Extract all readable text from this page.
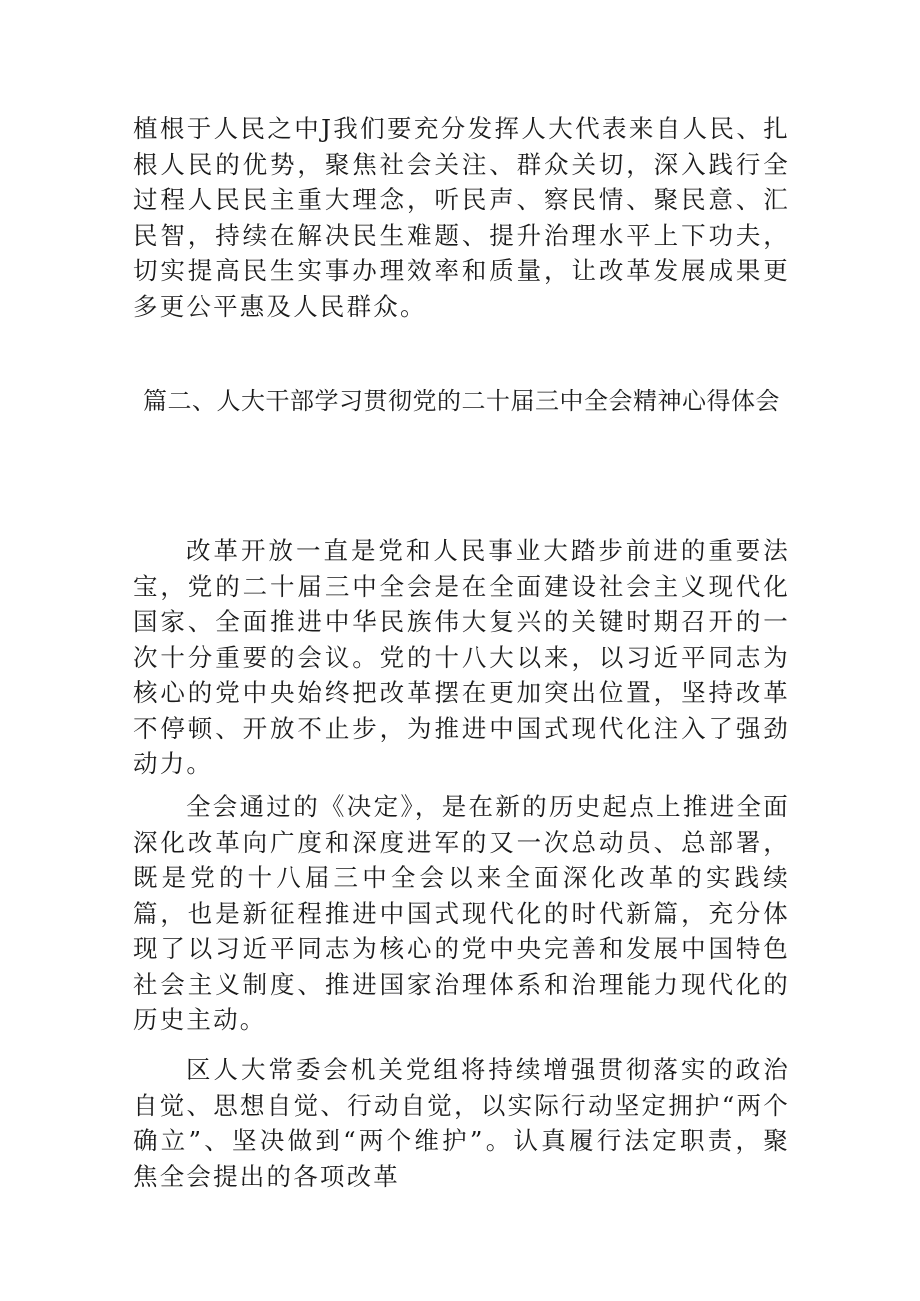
植根于人民之中J我们要充分发挥人大代表来自人民、扎根人民的优势，聚焦社会关注、群众关切，深入践行全过程人民民主重大理念，听民声、察民情、聚民意、汇民智，持续在解决民生难题、提升治理水平上下功夫，切实提高民生实事办理效率和质量，让改革发展成果更多更公平惠及人民群众。

篇二、人大干部学习贯彻党的二十届三中全会精神心得体会

改革开放一直是党和人民事业大踏步前进的重要法宝，党的二十届三中全会是在全面建设社会主义现代化国家、全面推进中华民族伟大复兴的关键时期召开的一次十分重要的会议。党的十八大以来，以习近平同志为核心的党中央始终把改革摆在更加突出位置，坚持改革不停顿、开放不止步，为推进中国式现代化注入了强劲动力。

全会通过的《决定》，是在新的历史起点上推进全面深化改革向广度和深度进军的又一次总动员、总部署，既是党的十八届三中全会以来全面深化改革的实践续篇，也是新征程推进中国式现代化的时代新篇，充分体现了以习近平同志为核心的党中央完善和发展中国特色社会主义制度、推进国家治理体系和治理能力现代化的历史主动。

区人大常委会机关党组将持续增强贯彻落实的政治自觉、思想自觉、行动自觉，以实际行动坚定拥护“两个确立”、坚决做到“两个维护”。认真履行法定职责，聚焦全会提出的各项改革
